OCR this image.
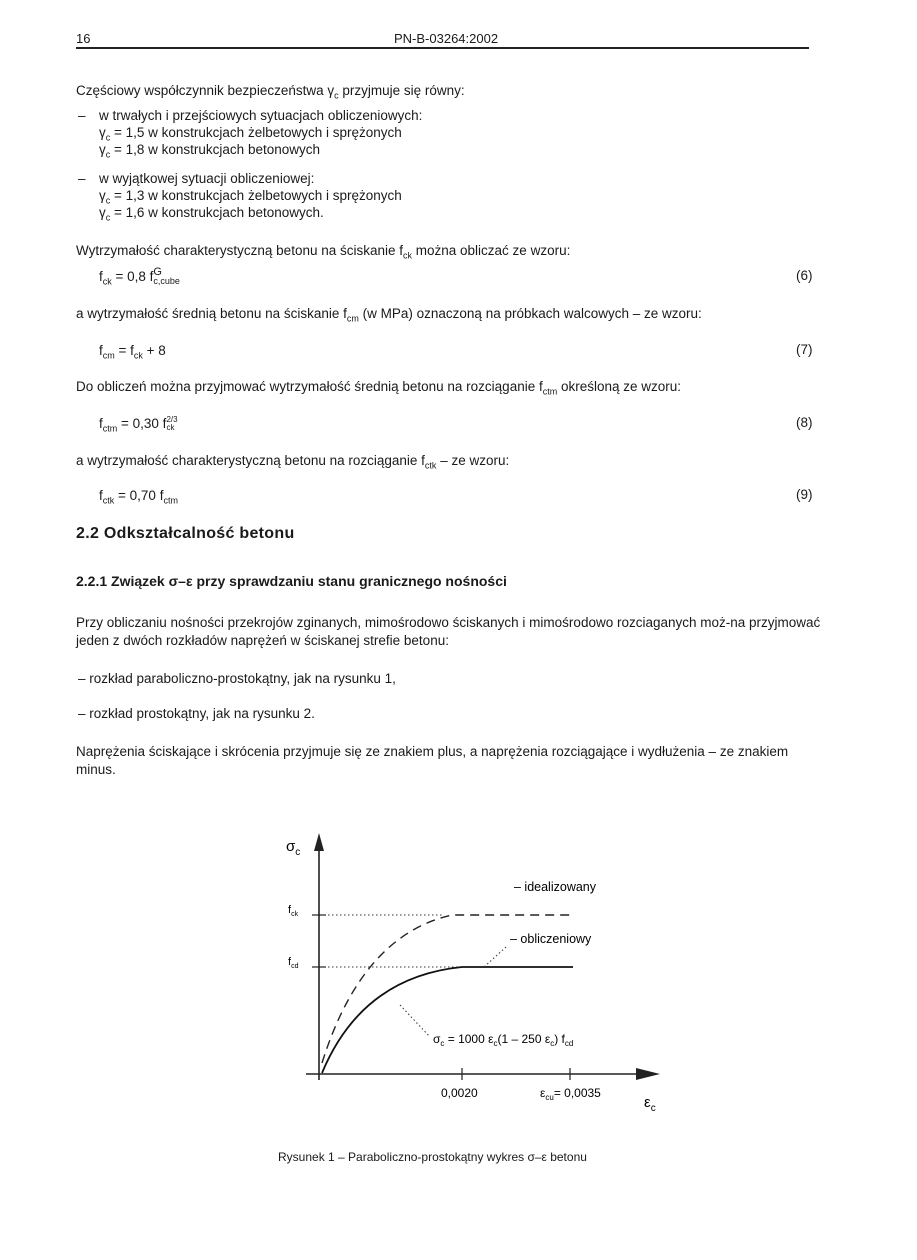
16	PN-B-03264:2002
Częściowy współczynnik bezpieczeństwa $\gamma_c$ przyjmuje się równy:
– w trwałych i przejściowych sytuacjach obliczeniowych:
$\gamma_c = 1,5$ w konstrukcjach żelbetowych i sprężonych
$\gamma_c = 1,8$ w konstrukcjach betonowych
– w wyjątkowej sytuacji obliczeniowej:
$\gamma_c = 1,3$ w konstrukcjach żelbetowych i sprężonych
$\gamma_c = 1,6$ w konstrukcjach betonowych.
Wytrzymałość charakterystyczną betonu na ściskanie $f_{ck}$ można obliczać ze wzoru:
$f_{ck} = 0,8$ f G
c,cube	(6)
a wytrzymałość średnią betonu na ściskanie $f_{cm}$ (w MPa) oznaczoną na próbkach walcowych – ze wzoru:
$f_{cm} = f_{ck} + 8$	(7)
Do obliczeń można przyjmować wytrzymałość średnią betonu na rozciąganie $f_{ctm}$ określoną ze wzoru:
$f_{ctm} = 0,30$ f 2/3
ck	(8)
a wytrzymałość charakterystyczną betonu na rozciąganie $f_{ctk}$ – ze wzoru:
$f_{ctk} = 0,70$ $f_{ctm}$	(9)
2.2 Odkształcalność betonu
2.2.1 Związek σ–ε przy sprawdzaniu stanu granicznego nośności
Przy obliczaniu nośności przekrojów zginanych, mimośrodowo ściskanych i mimośrodowo rozciaganych moż-na przyjmować jeden z dwóch rozkładów naprężeń w ściskanej strefie betonu:
– rozkład paraboliczno-prostokątny, jak na rysunku 1,
– rozkład prostokątny, jak na rysunku 2.
Naprężenia ściskające i skrócenia przyjmuje się ze znakiem plus, a naprężenia rozciągające i wydłużenia – ze znakiem minus.
$\sigma_c$
$f_{ck}$
$f_{cd}$
– idealizowany
– obliczeniowy
$\sigma_c = 1000$ $\varepsilon_c(1 - 250$ $\varepsilon_c$) $f_{cd}$
0,0020	$\varepsilon_{cu}= 0,0035$
$\varepsilon_c$
Rysunek 1 – Paraboliczno-prostokątny wykres σ–ε betonu
